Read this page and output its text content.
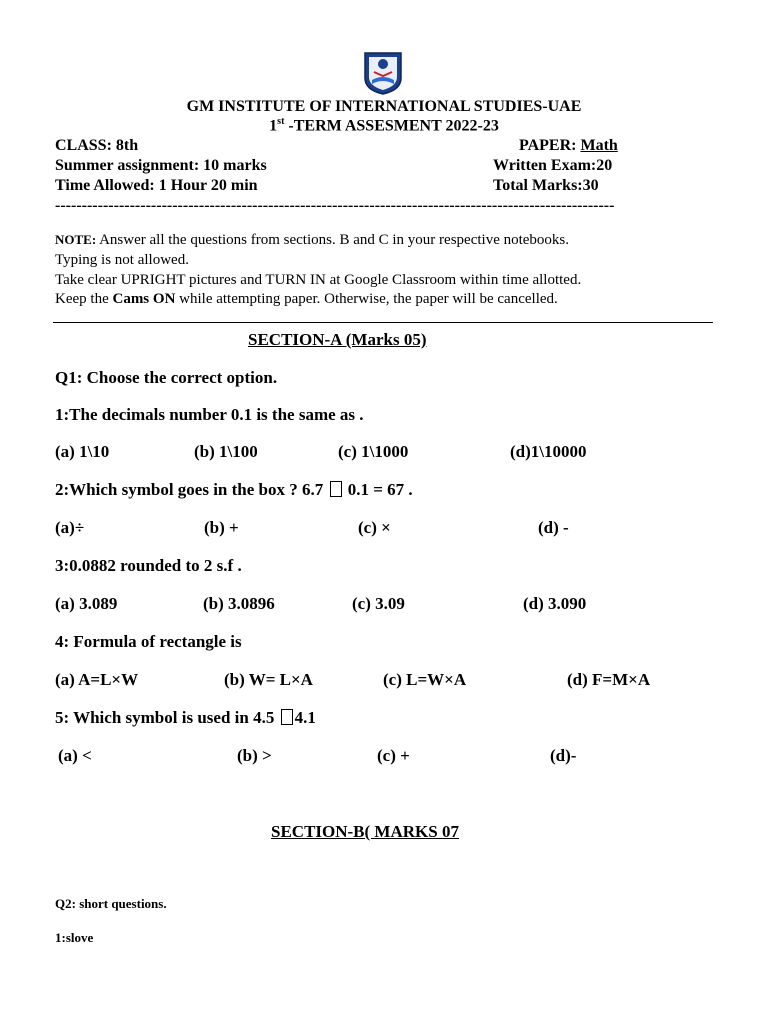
GM INSTITUTE OF INTERNATIONAL STUDIES-UAE
1st -TERM ASSESMENT 2022-23
CLASS: 8th	PAPER: Math
Summer assignment: 10 marks	Written Exam:20
Time Allowed: 1 Hour 20 min	Total Marks:30
---------------------------------------------------------------------------------------------------------
NOTE: Answer all the questions from sections. B and C in your respective notebooks.
Typing is not allowed.
Take clear UPRIGHT pictures and TURN IN at Google Classroom within time allotted.
Keep the Cams ON while attempting paper. Otherwise, the paper will be cancelled.
SECTION-A (Marks 05)
Q1: Choose the correct option.
1:The decimals number 0.1 is the same as .
(a) 1\10	(b) 1\100	(c) 1\1000	(d)1\10000
2:Which symbol goes in the box ? 6.7  0.1 = 67 .
(a)÷	(b) +	(c) ×	(d) -
3:0.0882 rounded to 2 s.f .
(a) 3.089	(b) 3.0896	(c) 3.09	(d) 3.090
4: Formula of rectangle is
(a) A=L×W	(b) W= L×A	(c) L=W×A	(d) F=M×A
5: Which symbol is used in 4.5 4.1
(a) <	(b) >	(c) +	(d)-
SECTION-B( MARKS 07
Q2: short questions.
1:slove
